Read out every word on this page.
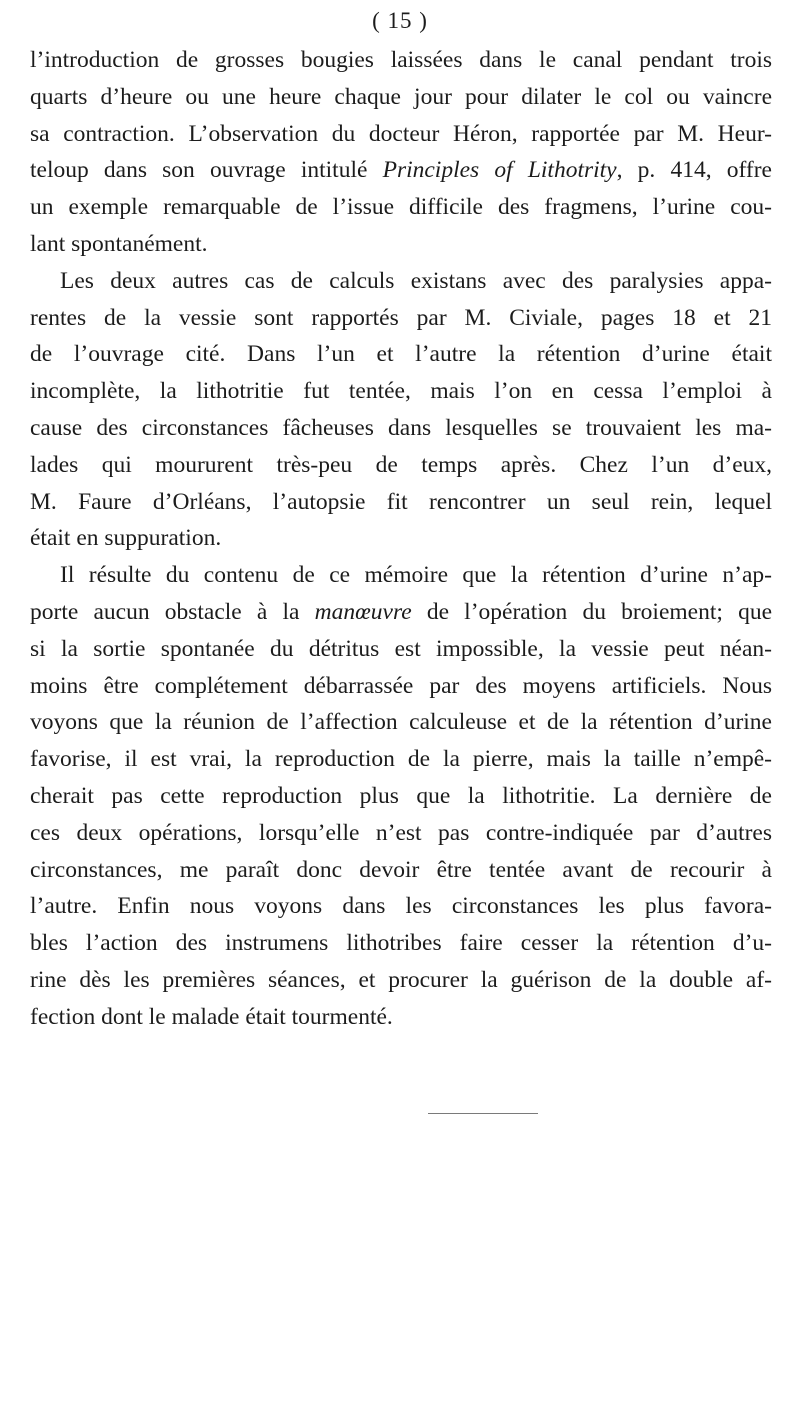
( 15 )
l’introduction de grosses bougies laissées dans le canal pendant trois
quarts d’heure ou une heure chaque jour pour dilater le col ou vaincre
sa contraction. L’observation du docteur Héron, rapportée par M. Heur-
teloup dans son ouvrage intitulé Principles of Lithotrity, p. 414, offre
un exemple remarquable de l’issue difficile des fragmens, l’urine cou-
lant spontanément.
Les deux autres cas de calculs existans avec des paralysies appa-
rentes de la vessie sont rapportés par M. Civiale, pages 18 et 21
de l’ouvrage cité. Dans l’un et l’autre la rétention d’urine était
incomplète, la lithotritie fut tentée, mais l’on en cessa l’emploi à
cause des circonstances fâcheuses dans lesquelles se trouvaient les ma-
lades qui moururent très-peu de temps après. Chez l’un d’eux,
M. Faure d’Orléans, l’autopsie fit rencontrer un seul rein, lequel
était en suppuration.
Il résulte du contenu de ce mémoire que la rétention d’urine n’ap-
porte aucun obstacle à la manœuvre de l’opération du broiement; que
si la sortie spontanée du détritus est impossible, la vessie peut néan-
moins être complétement débarrassée par des moyens artificiels. Nous
voyons que la réunion de l’affection calculeuse et de la rétention d’urine
favorise, il est vrai, la reproduction de la pierre, mais la taille n’empê-
cherait pas cette reproduction plus que la lithotritie. La dernière de
ces deux opérations, lorsqu’elle n’est pas contre-indiquée par d’autres
circonstances, me paraît donc devoir être tentée avant de recourir à
l’autre. Enfin nous voyons dans les circonstances les plus favora-
bles l’action des instrumens lithotribes faire cesser la rétention d’u-
rine dès les premières séances, et procurer la guérison de la double af-
fection dont le malade était tourmenté.
